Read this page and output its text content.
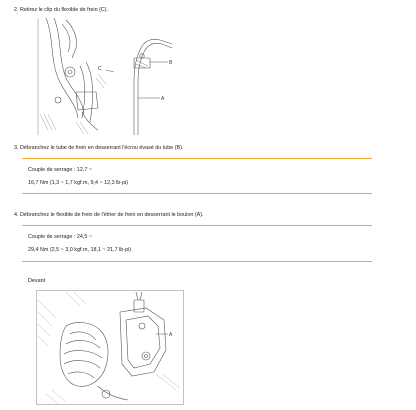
2. Retirez le clip du flexible de frein (C).
B
A
C
3. Débranchez le tube de frein en desserrant l'écrou évasé du tube (B).
Couple de serrage : 12,7 ~
16,7 Nm (1,3 ~ 1,7 kgf.m, 9,4 ~ 12,3 lb-pi)
4. Débranchez le flexible de frein de l'étrier de frein en desserrant le boulon (A).
Couple de serrage : 24,5 ~
29,4 Nm (2,5 ~ 3,0 kgf.m, 18,1 ~ 21,7 lb-pi)
Devant
A
